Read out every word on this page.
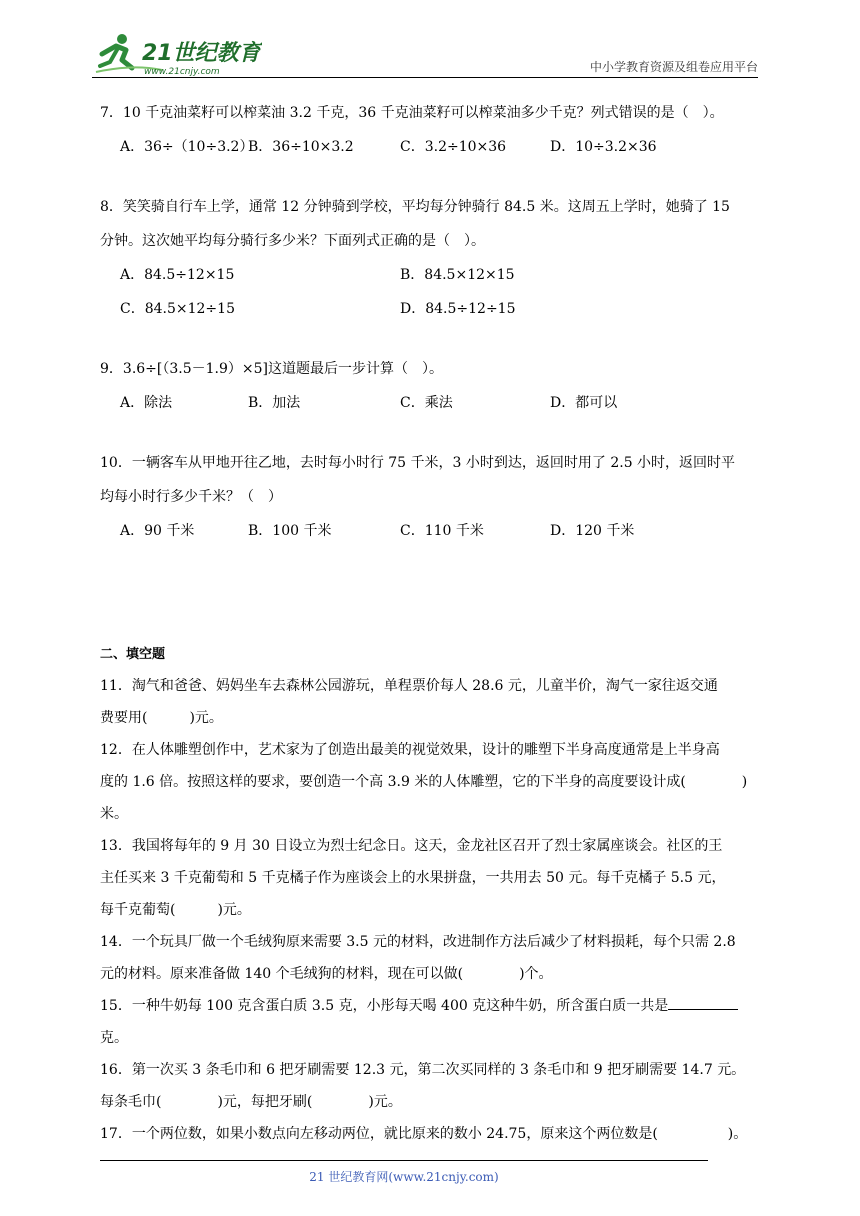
21世纪教育
www.21cnjy.com	中小学教育资源及组卷应用平台

7．10 千克油菜籽可以榨菜油 3.2 千克，36 千克油菜籽可以榨菜油多少千克？列式错误的是（　）。

A．36÷（10÷3.2）
B．36÷10×3.2	C．3.2÷10×36	D．10÷3.2×36

8．笑笑骑自行车上学，通常 12 分钟骑到学校，平均每分钟骑行 84.5 米。这周五上学时，她骑了 15

分钟。这次她平均每分骑行多少米？下面列式正确的是（　）。

A．84.5÷12×15	B．84.5×12×15
C．84.5×12÷15	D．84.5÷12÷15

9．3.6÷[（3.5－1.9）×5]这道题最后一步计算（　）。

A．除法	B．加法	C．乘法	D．都可以

10．一辆客车从甲地开往乙地，去时每小时行 75 千米，3 小时到达，返回时用了 2.5 小时，返回时平

均每小时行多少千米？（　）

A．90 千米	B．100 千米	C．110 千米	D．120 千米
二、填空题

11．淘气和爸爸、妈妈坐车去森林公园游玩，单程票价每人 28.6 元，儿童半价，淘气一家往返交通

费要用(　　　)元。

12．在人体雕塑创作中，艺术家为了创造出最美的视觉效果，设计的雕塑下半身高度通常是上半身高

度的 1.6 倍。按照这样的要求，要创造一个高 3.9 米的人体雕塑，它的下半身的高度要设计成(　　　　)

米。

13．我国将每年的 9 月 30 日设立为烈士纪念日。这天，金龙社区召开了烈士家属座谈会。社区的王

主任买来 3 千克葡萄和 5 千克橘子作为座谈会上的水果拼盘，一共用去 50 元。每千克橘子 5.5 元，

每千克葡萄(　　　)元。

14．一个玩具厂做一个毛绒狗原来需要 3.5 元的材料，改进制作方法后减少了材料损耗，每个只需 2.8

元的材料。原来准备做 140 个毛绒狗的材料，现在可以做(　　　　)个。

15．一种牛奶每 100 克含蛋白质 3.5 克，小彤每天喝 400 克这种牛奶，所含蛋白质一共是克。

16．第一次买 3 条毛巾和 6 把牙刷需要 12.3 元，第二次买同样的 3 条毛巾和 9 把牙刷需要 14.7 元。

每条毛巾(　　　　)元，每把牙刷(　　　　)元。

17．一个两位数，如果小数点向左移动两位，就比原来的数小 24.75，原来这个两位数是(　　　　　)。

21 世纪教育网(www.21cnjy.com)
